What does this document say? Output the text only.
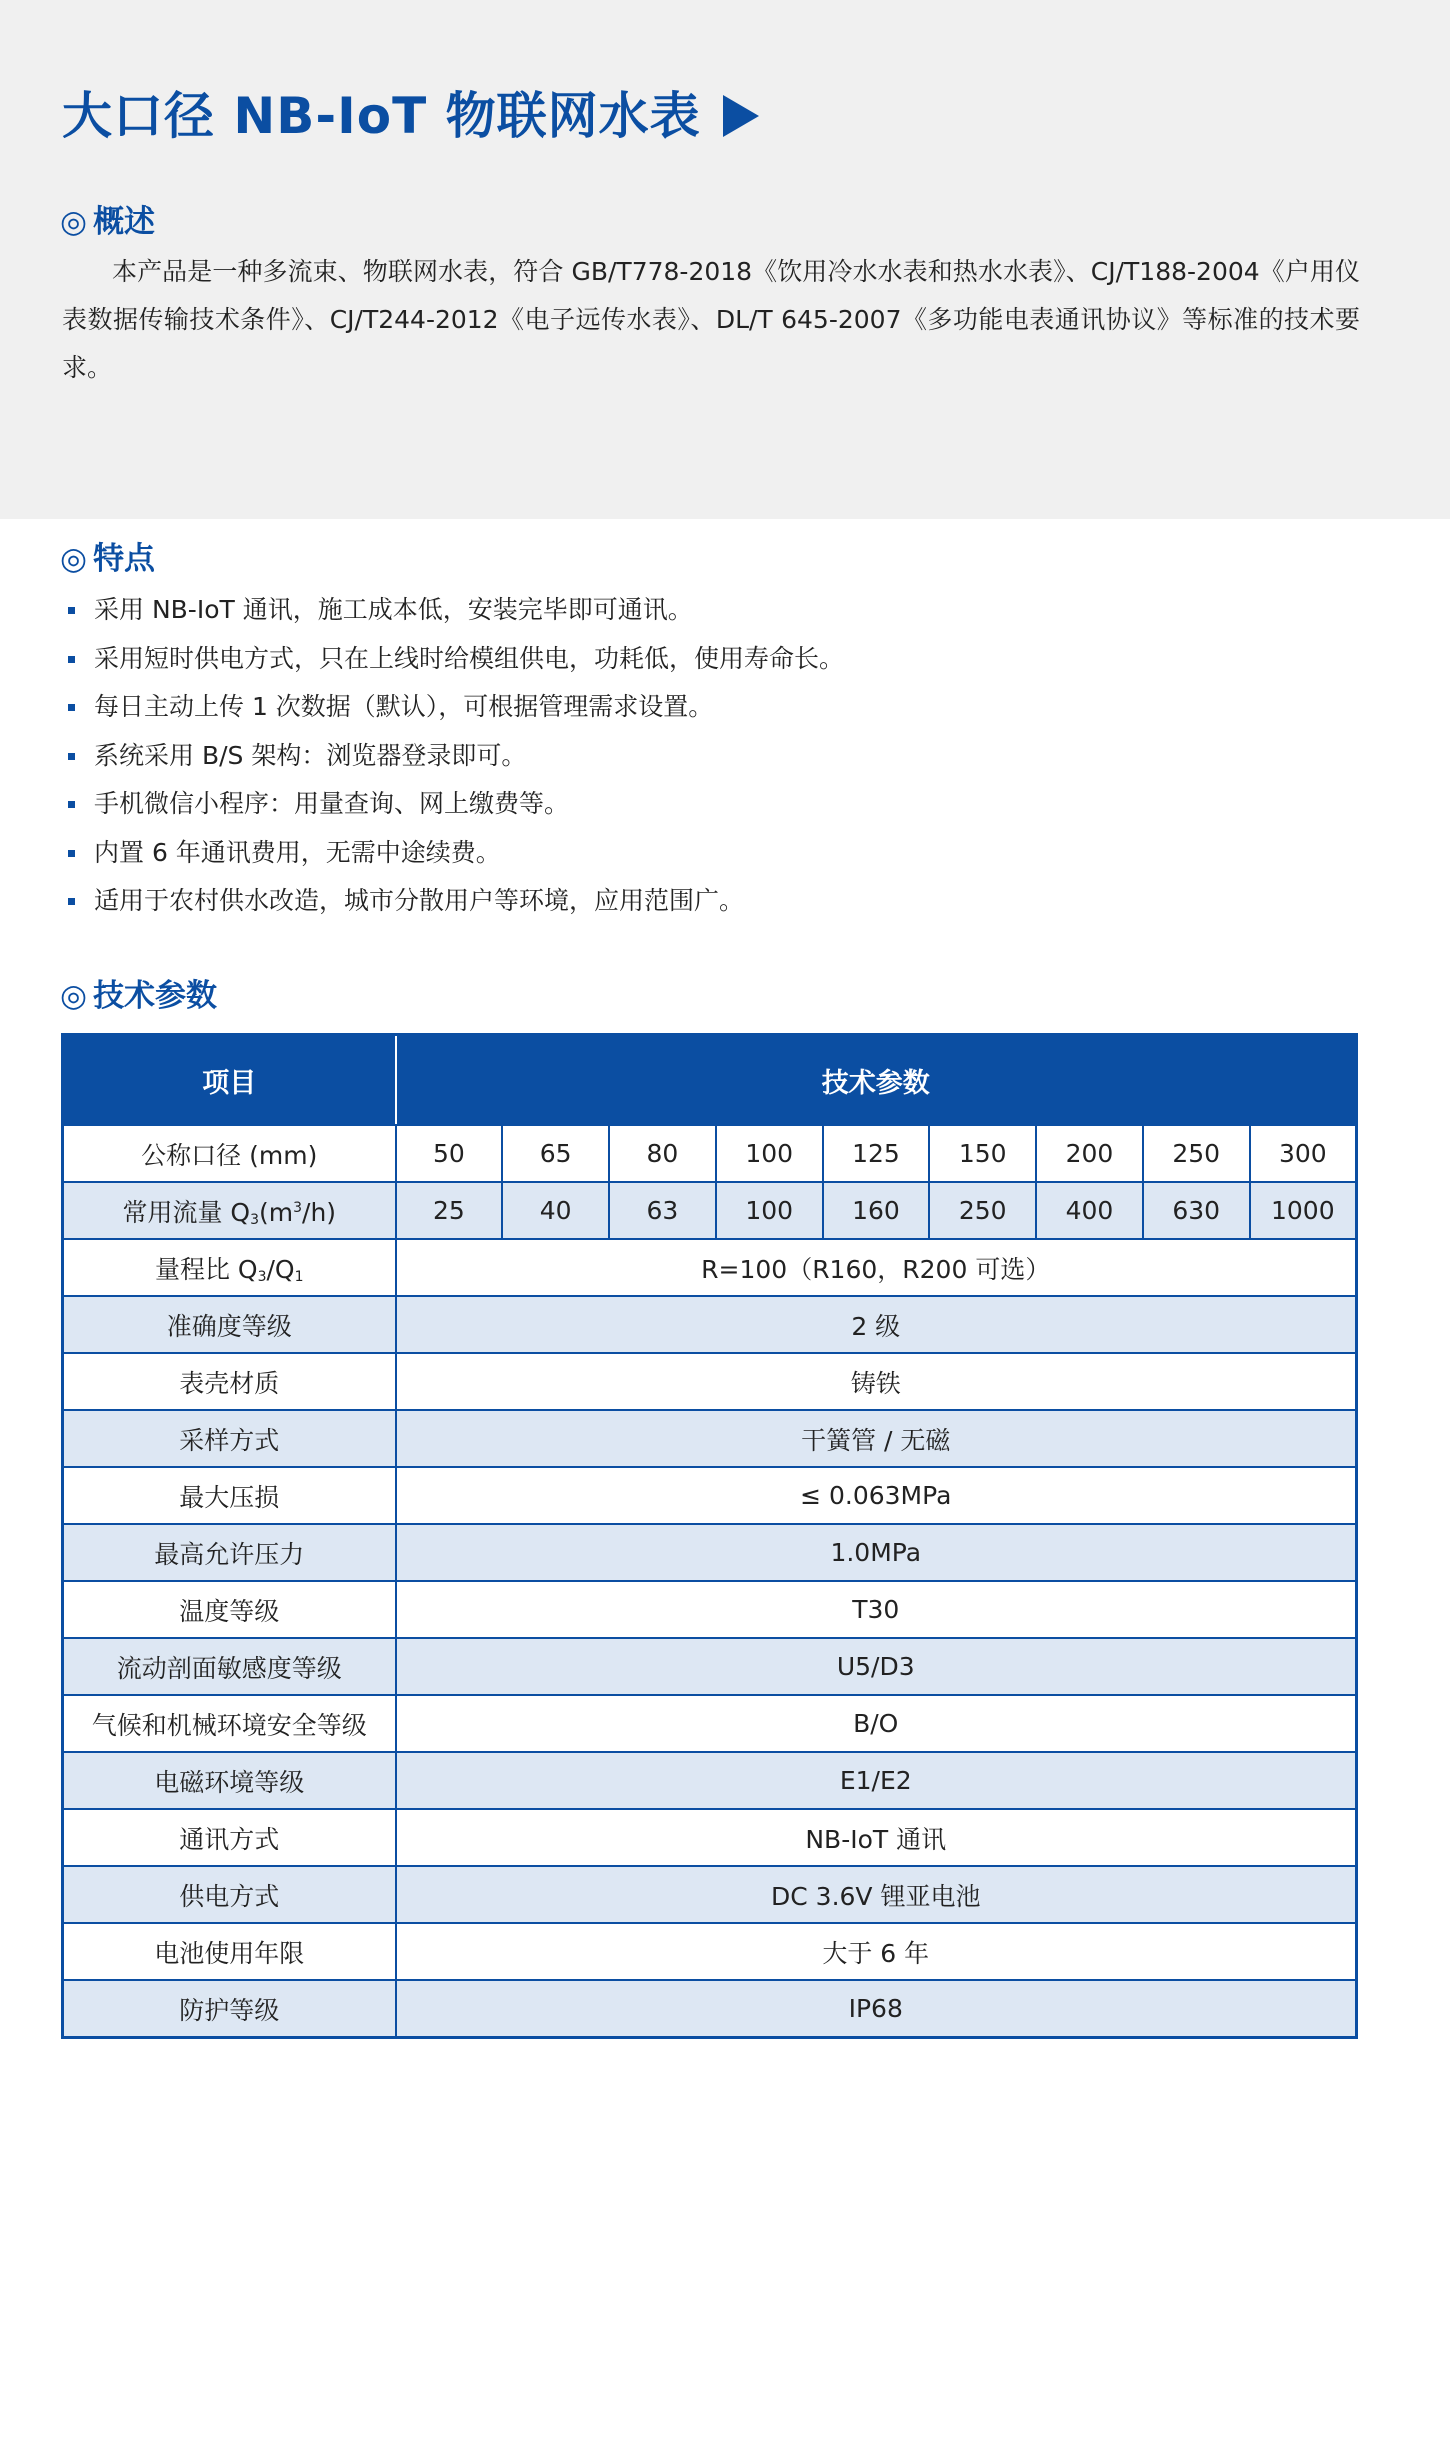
大口径 NB-IoT 物联网水表
◎ 概述
本产品是一种多流束、物联网水表，符合 GB/T778-2018《饮用冷水水表和热水水表》、CJ/T188-2004《户用仪表数据传输技术条件》、CJ/T244-2012《电子远传水表》、DL/T 645-2007《多功能电表通讯协议》等标准的技术要求。
◎ 特点
采用 NB-IoT 通讯，施工成本低，安装完毕即可通讯。
采用短时供电方式，只在上线时给模组供电，功耗低，使用寿命长。
每日主动上传 1 次数据（默认），可根据管理需求设置。
系统采用 B/S 架构：浏览器登录即可。
手机微信小程序：用量查询、网上缴费等。
内置 6 年通讯费用，无需中途续费。
适用于农村供水改造，城市分散用户等环境，应用范围广。
◎ 技术参数
项目	技术参数								
公称口径 (mm)	50	65	80	100	125	150	200	250	300
常用流量 $Q_3(m^3/h)$	25	40	63	100	160	250	400	630	1000
量程比 $Q_3/Q_1$	R=100（R160，R200 可选）								
准确度等级	2 级								
表壳材质	铸铁								
采样方式	干簧管 / 无磁								
最大压损	≤ 0.063MPa								
最高允许压力	1.0MPa								
温度等级	T30								
流动剖面敏感度等级	U5/D3								
气候和机械环境安全等级	B/O								
电磁环境等级	E1/E2								
通讯方式	NB-IoT 通讯								
供电方式	DC 3.6V 锂亚电池								
电池使用年限	大于 6 年								
防护等级	IP68								
